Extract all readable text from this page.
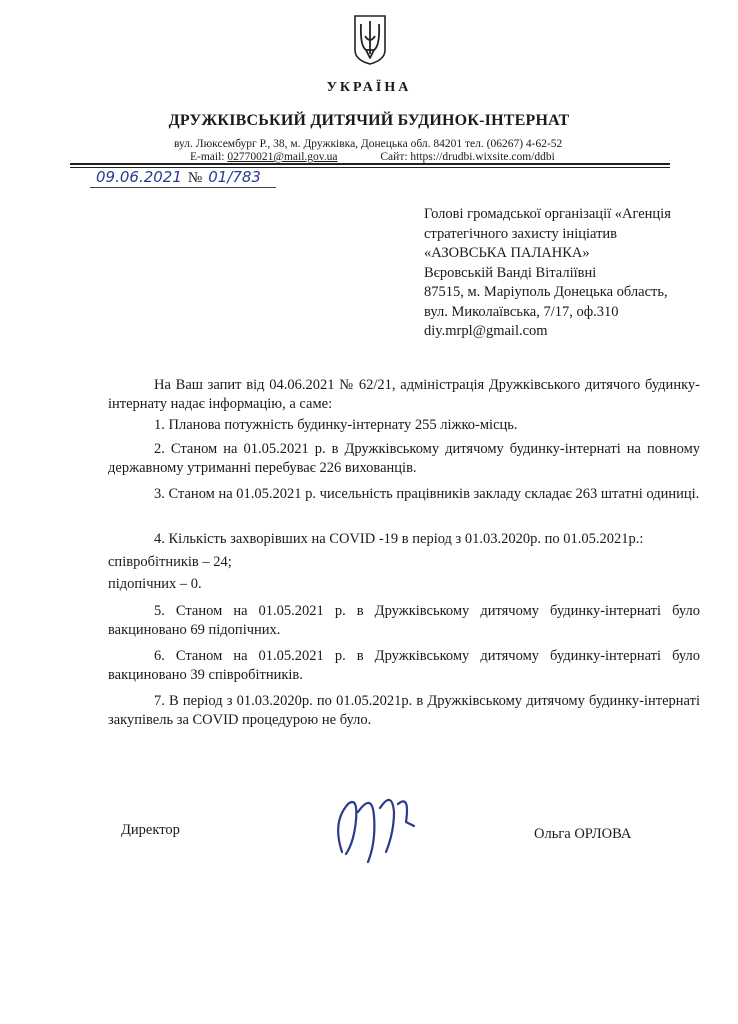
УКРАЇНА
ДРУЖКІВСЬКИЙ ДИТЯЧИЙ БУДИНОК-ІНТЕРНАТ
вул. Люксембург Р., 38, м. Дружківка, Донецька обл. 84201 тел. (06267) 4-62-52
E-mail: 02770021@mail.gov.ua	Сайт: https://drudbi.wixsite.com/ddbi
09.06.2021 № 01/783
Голові громадської організації «Агенція
стратегічного захисту ініціатив
«АЗОВСЬКА ПАЛАНКА»
Вєровській Ванді Віталіївні
87515, м. Маріуполь Донецька область,
вул. Миколаївська, 7/17, оф.310
diy.mrpl@gmail.com
На Ваш запит від 04.06.2021 № 62/21, адміністрація Дружківського дитячого будинку-інтернату надає інформацію, а саме:
1. Планова потужність будинку-інтернату 255 ліжко-місць.
2. Станом на 01.05.2021 р. в Дружківському дитячому будинку-інтернаті на повному державному утриманні перебуває 226 вихованців.
3. Станом на 01.05.2021 р. чисельність працівників закладу складає 263 штатні одиниці.
4. Кількість захворівших на COVID -19 в період з 01.03.2020р. по 01.05.2021р.:
співробітників – 24;
підопічних – 0.
5. Станом на 01.05.2021 р. в Дружківському дитячому будинку-інтернаті було вакциновано 69 підопічних.
6. Станом на 01.05.2021 р. в Дружківському дитячому будинку-інтернаті було вакциновано 39 співробітників.
7. В період з 01.03.2020р. по 01.05.2021р. в Дружківському дитячому будинку-інтернаті закупівель за COVID процедурою не було.
Директор	Ольга ОРЛОВА
